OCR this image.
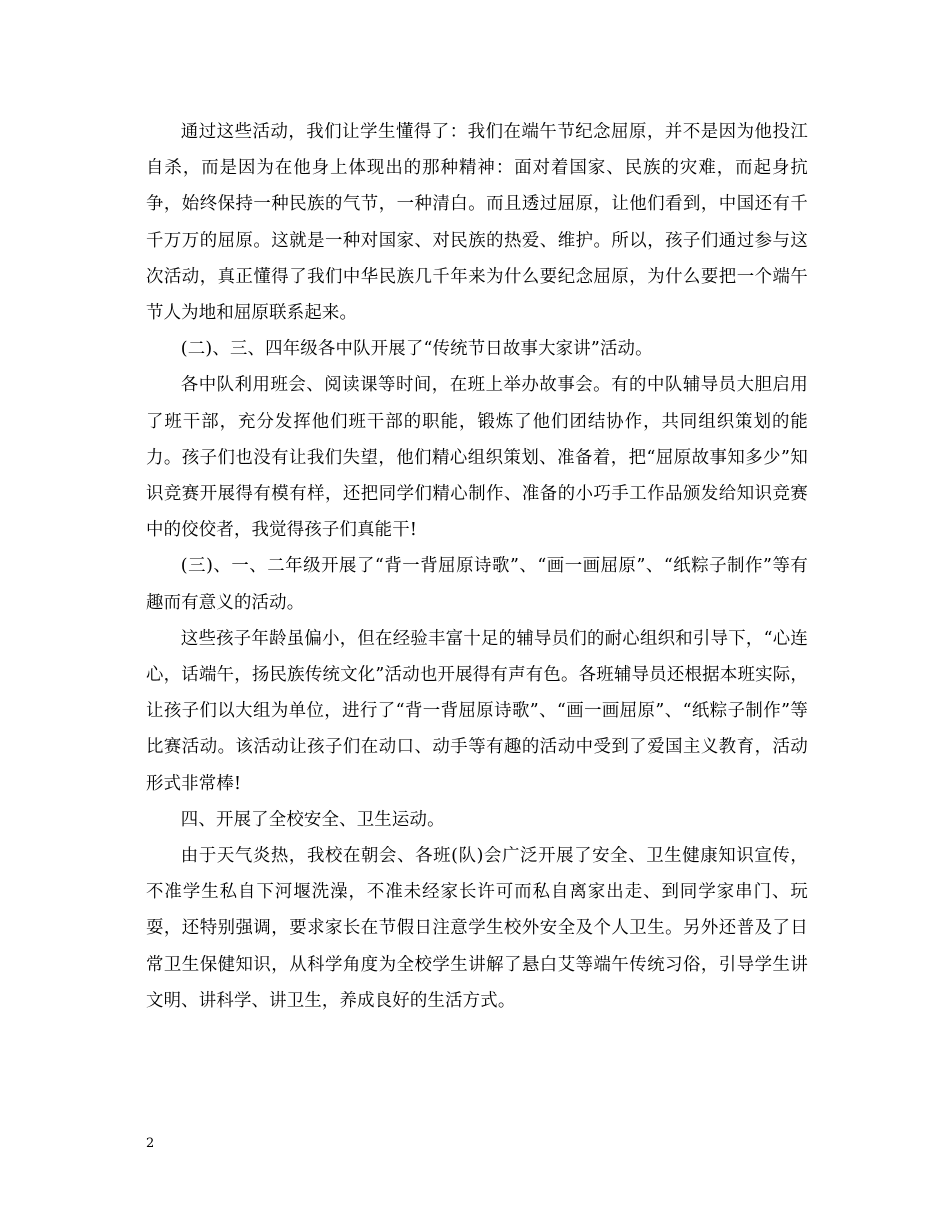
通过这些活动，我们让学生懂得了：我们在端午节纪念屈原，并不是因为他投江自杀，而是因为在他身上体现出的那种精神：面对着国家、民族的灾难，而起身抗争，始终保持一种民族的气节，一种清白。而且透过屈原，让他们看到，中国还有千千万万的屈原。这就是一种对国家、对民族的热爱、维护。所以，孩子们通过参与这次活动，真正懂得了我们中华民族几千年来为什么要纪念屈原，为什么要把一个端午节人为地和屈原联系起来。

(二)、三、四年级各中队开展了“传统节日故事大家讲”活动。

各中队利用班会、阅读课等时间，在班上举办故事会。有的中队辅导员大胆启用了班干部，充分发挥他们班干部的职能，锻炼了他们团结协作，共同组织策划的能力。孩子们也没有让我们失望，他们精心组织策划、准备着，把“屈原故事知多少”知识竞赛开展得有模有样，还把同学们精心制作、准备的小巧手工作品颁发给知识竞赛中的佼佼者，我觉得孩子们真能干!

(三)、一、二年级开展了“背一背屈原诗歌”、“画一画屈原”、“纸粽子制作”等有趣而有意义的活动。

这些孩子年龄虽偏小，但在经验丰富十足的辅导员们的耐心组织和引导下，“心连心，话端午，扬民族传统文化”活动也开展得有声有色。各班辅导员还根据本班实际，让孩子们以大组为单位，进行了“背一背屈原诗歌”、“画一画屈原”、“纸粽子制作”等比赛活动。该活动让孩子们在动口、动手等有趣的活动中受到了爱国主义教育，活动形式非常棒!

四、开展了全校安全、卫生运动。

由于天气炎热，我校在朝会、各班(队)会广泛开展了安全、卫生健康知识宣传，不准学生私自下河堰洗澡，不准未经家长许可而私自离家出走、到同学家串门、玩耍，还特别强调，要求家长在节假日注意学生校外安全及个人卫生。另外还普及了日常卫生保健知识，从科学角度为全校学生讲解了悬白艾等端午传统习俗，引导学生讲文明、讲科学、讲卫生，养成良好的生活方式。

2
